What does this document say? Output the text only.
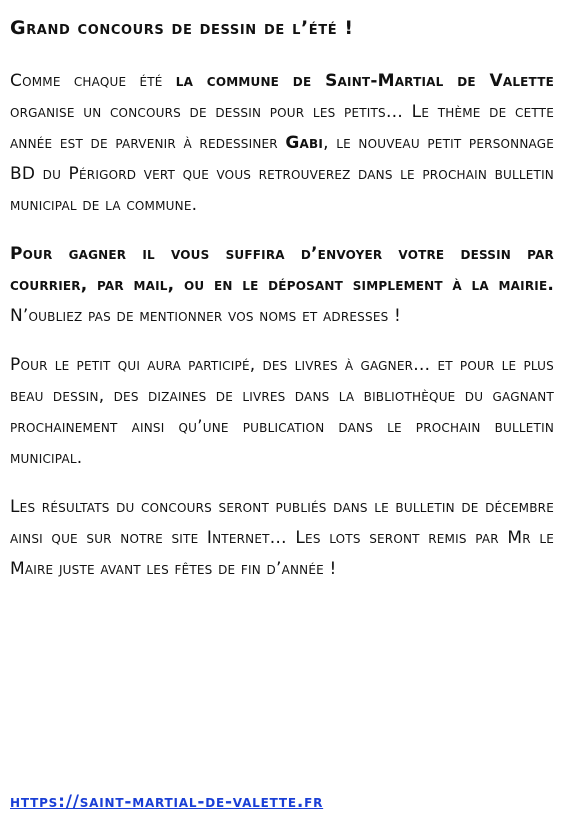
Grand concours de dessin de l’été !

Comme chaque été la commune de Saint-Martial de Valette organise un concours de dessin pour les petits… Le thème de cette année est de parvenir à redessiner Gabi, le nouveau petit personnage BD du Périgord vert que vous retrouverez dans le prochain bulletin municipal de la commune.

Pour gagner il vous suffira d’envoyer votre dessin par courrier, par mail, ou en le déposant simplement à la mairie. N’oubliez pas de mentionner vos noms et adresses !

Pour le petit qui aura participé, des livres à gagner… et pour le plus beau dessin, des dizaines de livres dans la bibliothèque du gagnant prochainement ainsi qu’une publication dans le prochain bulletin municipal.

Les résultats du concours seront publiés dans le bulletin de décembre ainsi que sur notre site Internet… Les lots seront remis par Mr le Maire juste avant les fêtes de fin d’année !

https://saint-martial-de-valette.fr
